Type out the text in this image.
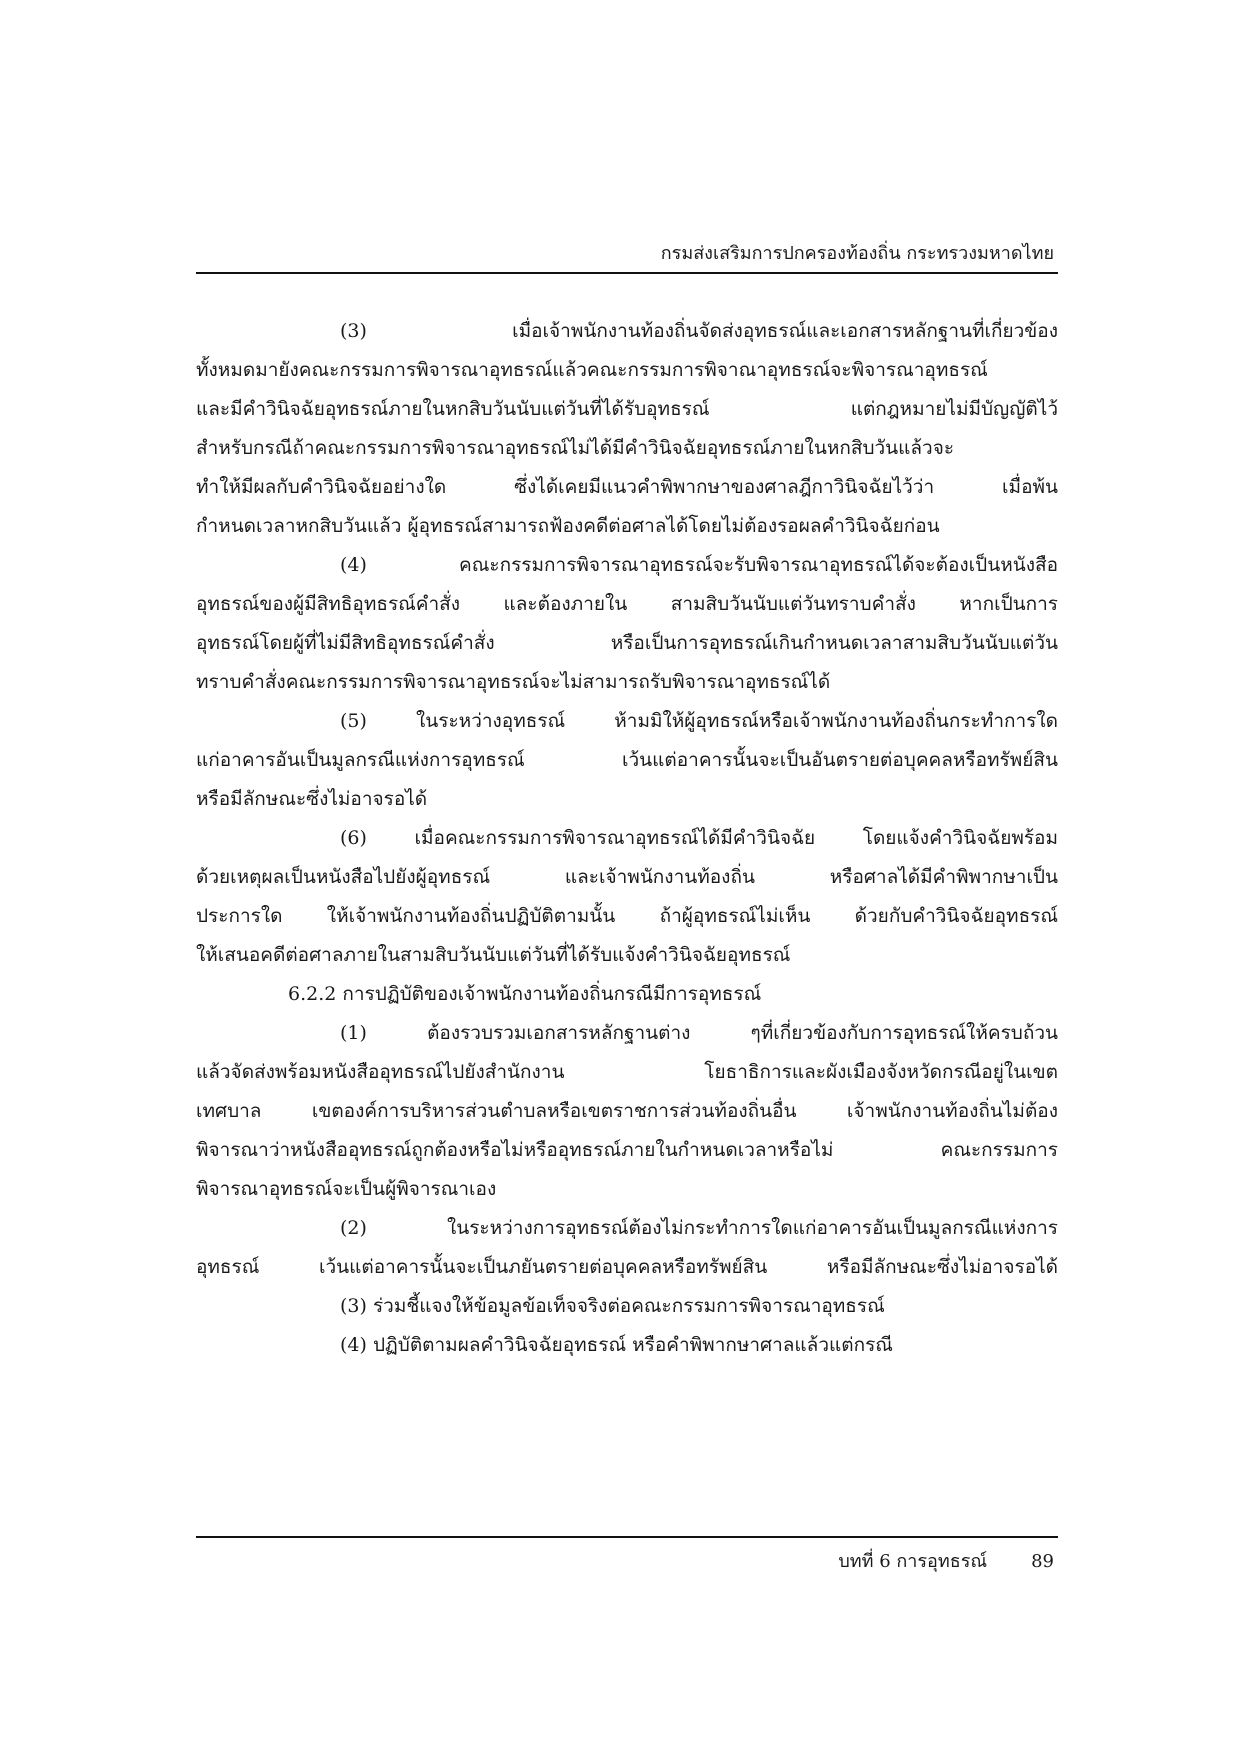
กรมส่งเสริมการปกครองท้องถิ่น กระทรวงมหาดไทย
(3) เมื่อเจ้าพนักงานท้องถิ่นจัดส่งอุทธรณ์และเอกสารหลักฐานที่เกี่ยวข้อง
ทั้งหมดมายังคณะกรรมการพิจารณาอุทธรณ์แล้วคณะกรรมการพิจาณาอุทธรณ์จะพิจารณาอุทธรณ์
และมีคำวินิจฉัยอุทธรณ์ภายในหกสิบวันนับแต่วันที่ได้รับอุทธรณ์ แต่กฎหมายไม่มีบัญญัติไว้
สำหรับกรณีถ้าคณะกรรมการพิจารณาอุทธรณ์ไม่ได้มีคำวินิจฉัยอุทธรณ์ภายในหกสิบวันแล้วจะ
ทำให้มีผลกับคำวินิจฉัยอย่างใด ซึ่งได้เคยมีแนวคำพิพากษาของศาลฎีกาวินิจฉัยไว้ว่า เมื่อพ้น
กำหนดเวลาหกสิบวันแล้ว ผู้อุทธรณ์สามารถฟ้องคดีต่อศาลได้โดยไม่ต้องรอผลคำวินิจฉัยก่อน
(4) คณะกรรมการพิจารณาอุทธรณ์จะรับพิจารณาอุทธรณ์ได้จะต้องเป็นหนังสือ
อุทธรณ์ของผู้มีสิทธิอุทธรณ์คำสั่ง และต้องภายใน สามสิบวันนับแต่วันทราบคำสั่ง หากเป็นการ
อุทธรณ์โดยผู้ที่ไม่มีสิทธิอุทธรณ์คำสั่ง หรือเป็นการอุทธรณ์เกินกำหนดเวลาสามสิบวันนับแต่วัน
ทราบคำสั่งคณะกรรมการพิจารณาอุทธรณ์จะไม่สามารถรับพิจารณาอุทธรณ์ได้
(5) ในระหว่างอุทธรณ์ ห้ามมิให้ผู้อุทธรณ์หรือเจ้าพนักงานท้องถิ่นกระทำการใด
แก่อาคารอันเป็นมูลกรณีแห่งการอุทธรณ์ เว้นแต่อาคารนั้นจะเป็นอันตรายต่อบุคคลหรือทรัพย์สิน
หรือมีลักษณะซึ่งไม่อาจรอได้
(6) เมื่อคณะกรรมการพิจารณาอุทธรณ์ได้มีคำวินิจฉัย โดยแจ้งคำวินิจฉัยพร้อม
ด้วยเหตุผลเป็นหนังสือไปยังผู้อุทธรณ์ และเจ้าพนักงานท้องถิ่น หรือศาลได้มีคำพิพากษาเป็น
ประการใด ให้เจ้าพนักงานท้องถิ่นปฏิบัติตามนั้น ถ้าผู้อุทธรณ์ไม่เห็น ด้วยกับคำวินิจฉัยอุทธรณ์
ให้เสนอคดีต่อศาลภายในสามสิบวันนับแต่วันที่ได้รับแจ้งคำวินิจฉัยอุทธรณ์
6.2.2 การปฏิบัติของเจ้าพนักงานท้องถิ่นกรณีมีการอุทธรณ์
(1) ต้องรวบรวมเอกสารหลักฐานต่าง ๆที่เกี่ยวข้องกับการอุทธรณ์ให้ครบถ้วน
แล้วจัดส่งพร้อมหนังสืออุทธรณ์ไปยังสำนักงาน โยธาธิการและผังเมืองจังหวัดกรณีอยู่ในเขต
เทศบาล เขตองค์การบริหารส่วนตำบลหรือเขตราชการส่วนท้องถิ่นอื่น เจ้าพนักงานท้องถิ่นไม่ต้อง
พิจารณาว่าหนังสืออุทธรณ์ถูกต้องหรือไม่หรืออุทธรณ์ภายในกำหนดเวลาหรือไม่ คณะกรรมการ
พิจารณาอุทธรณ์จะเป็นผู้พิจารณาเอง
(2) ในระหว่างการอุทธรณ์ต้องไม่กระทำการใดแก่อาคารอันเป็นมูลกรณีแห่งการ
อุทธรณ์ เว้นแต่อาคารนั้นจะเป็นภยันตรายต่อบุคคลหรือทรัพย์สิน หรือมีลักษณะซึ่งไม่อาจรอได้
(3) ร่วมชี้แจงให้ข้อมูลข้อเท็จจริงต่อคณะกรรมการพิจารณาอุทธรณ์
(4) ปฏิบัติตามผลคำวินิจฉัยอุทธรณ์ หรือคำพิพากษาศาลแล้วแต่กรณี
บทที่ 6 การอุทธรณ์ 89
